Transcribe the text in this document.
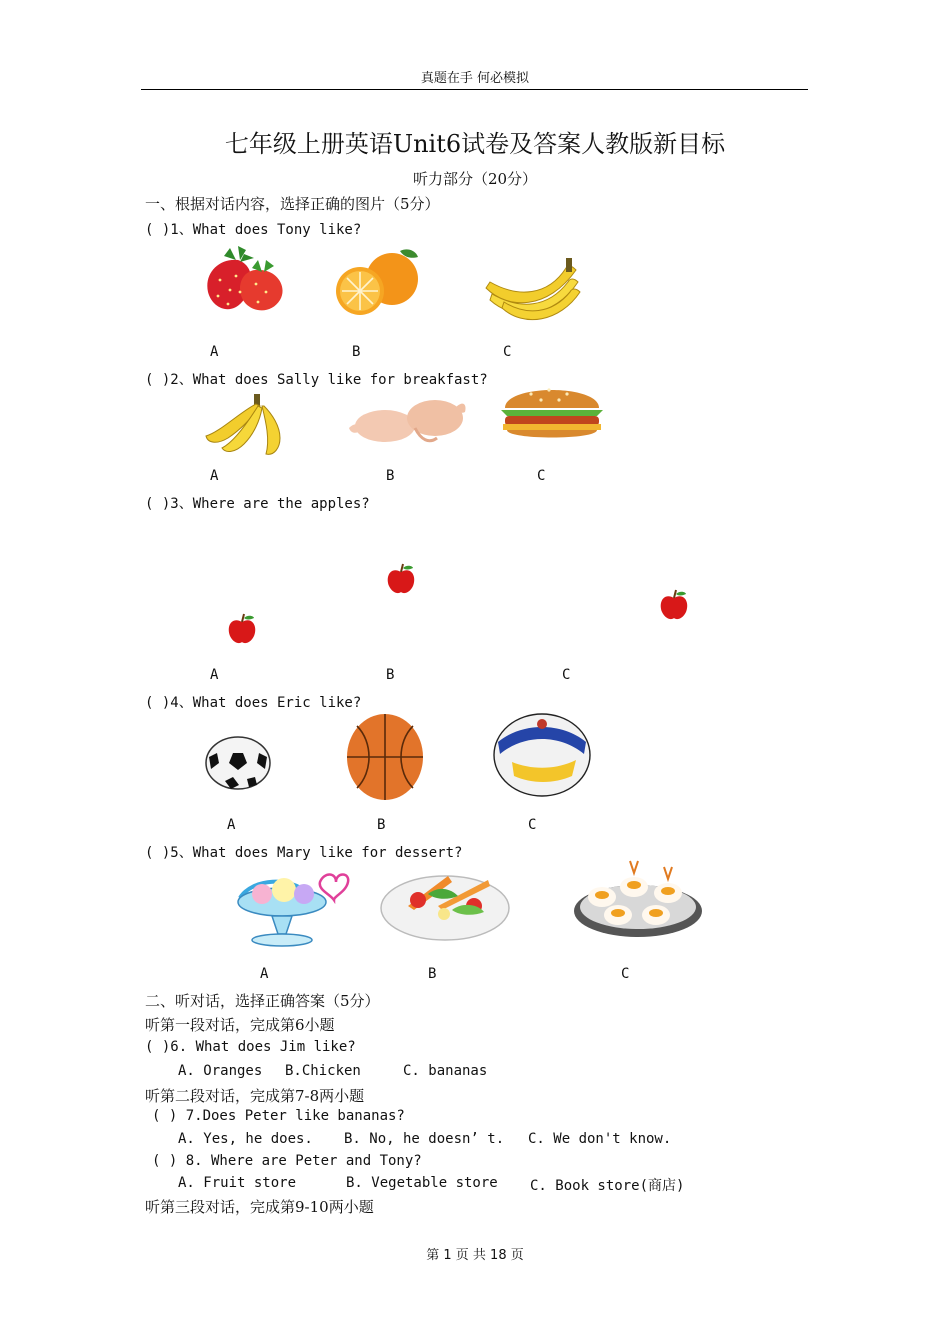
真题在手 何必模拟
七年级上册英语Unit6试卷及答案人教版新目标
听力部分（20分）
一、根据对话内容，选择正确的图片（5分）
( )1、What does Tony like?
A	B	C
( )2、What does Sally like for breakfast?
A	B	C
( )3、Where are the apples?
A	B	C
( )4、What does Eric like?
A	B	C
( )5、What does Mary like for dessert?
A	B	C
二、听对话，选择正确答案（5分）
听第一段对话，完成第6小题
( )6. What does Jim like?
A. Oranges B.Chicken	C. bananas
听第二段对话，完成第7-8两小题
( ) 7.Does Peter like bananas?
A. Yes, he does. B. No, he doesn’ t. C. We don't know.
( ) 8. Where are Peter and Tony?
A. Fruit store	B. Vegetable store C. Book store(商店)
听第三段对话，完成第9-10两小题
第 1 页 共 18 页
